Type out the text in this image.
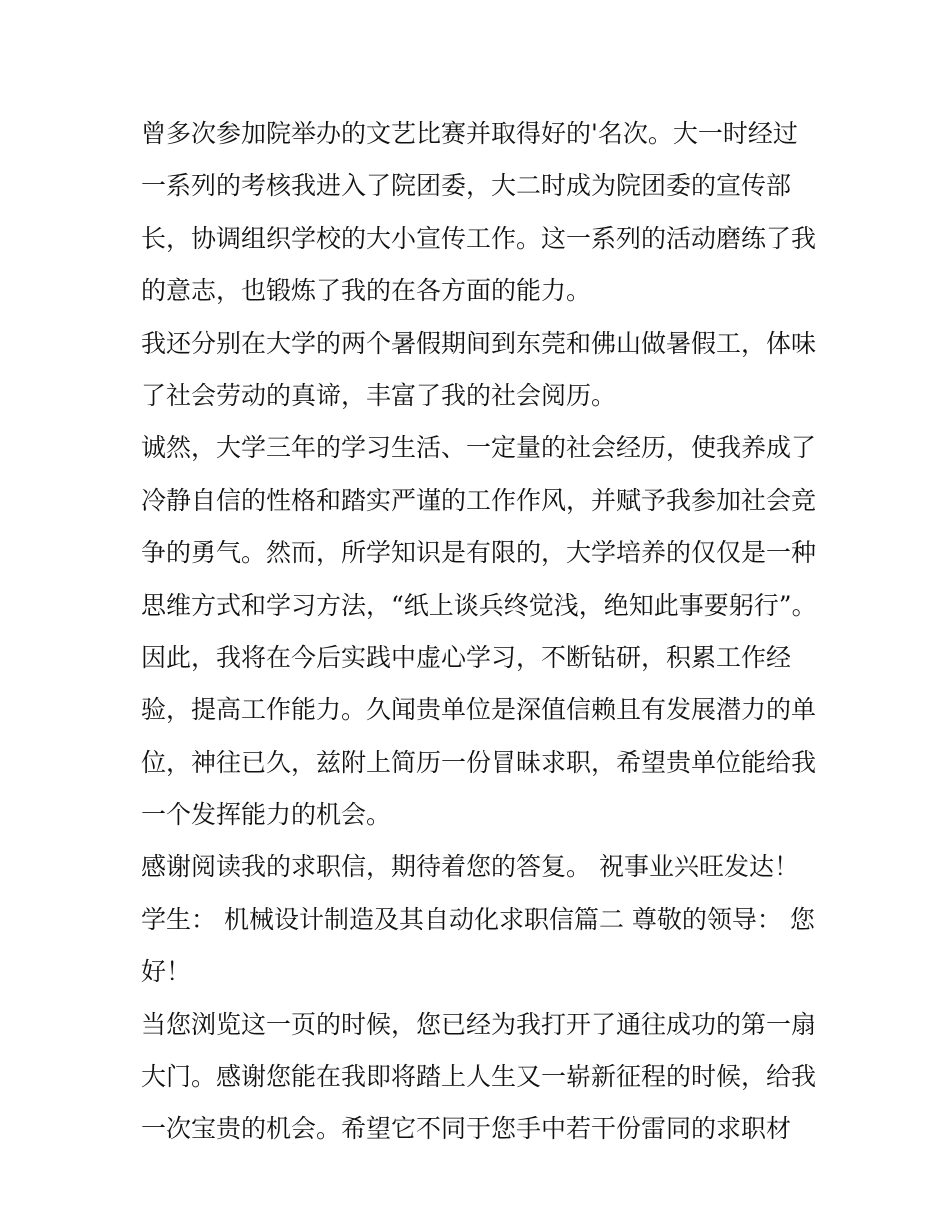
曾多次参加院举办的文艺比赛并取得好的'名次。大一时经过
一系列的考核我进入了院团委，大二时成为院团委的宣传部
长，协调组织学校的大小宣传工作。这一系列的活动磨练了我
的意志，也锻炼了我的在各方面的能力。
我还分别在大学的两个暑假期间到东莞和佛山做暑假工，体味
了社会劳动的真谛，丰富了我的社会阅历。
诚然，大学三年的学习生活、一定量的社会经历，使我养成了
冷静自信的性格和踏实严谨的工作作风，并赋予我参加社会竞
争的勇气。然而，所学知识是有限的，大学培养的仅仅是一种
思维方式和学习方法，“纸上谈兵终觉浅，绝知此事要躬行”。
因此，我将在今后实践中虚心学习，不断钻研，积累工作经
验，提高工作能力。久闻贵单位是深值信赖且有发展潜力的单
位，神往已久，兹附上简历一份冒昧求职，希望贵单位能给我
一个发挥能力的机会。
感谢阅读我的求职信，期待着您的答复。 祝事业兴旺发达！
学生： 机械设计制造及其自动化求职信篇二 尊敬的领导： 您
好！
当您浏览这一页的时候，您已经为我打开了通往成功的第一扇
大门。感谢您能在我即将踏上人生又一崭新征程的时候，给我
一次宝贵的机会。希望它不同于您手中若干份雷同的求职材
